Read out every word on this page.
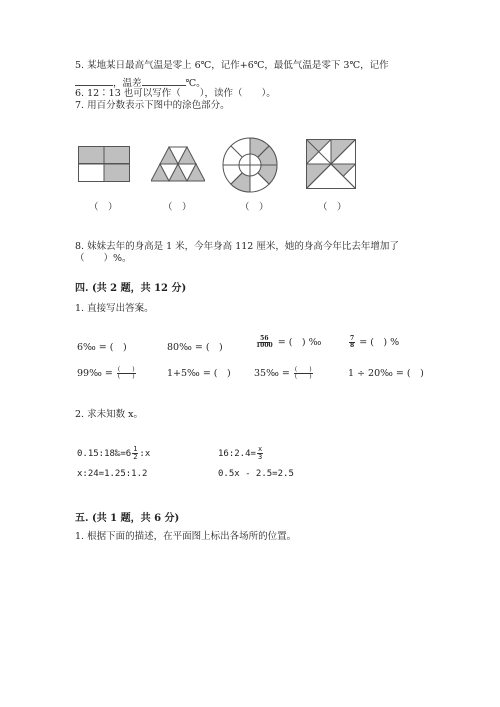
5. 某地某日最高气温是零上 6℃，记作+6℃，最低气温是零下 3℃，记作
，温差	℃。
6. 12∶13 也可以写作（　　），读作（　　）。
7. 用百分数表示下图中的涂色部分。
（　）	（　）	（　）	（　）
8. 妹妹去年的身高是 1 米，今年身高 112 厘米，她的身高今年比去年增加了
（　　）%。
四. (共 2 题，共 12 分)
1. 直接写出答案。
6‰ = (　)	80‰ = (　)	$\frac{56}{1000}$ = (　) ‰	$\frac{7}{8}$ = (　) %
99‰ = $\frac{( )}{( )}$	1+5‰ = (　) 35‰ = $\frac{( )}{( )}$	1 ÷ 20‰ = (　)
2. 求未知数 x。
0.15:18‰=6 $\frac{1}{2}$ :x	16:2.4= $\frac{x}{3}$
x:24=1.25:1.2	0.5x - 2.5=2.5
五. (共 1 题，共 6 分)
1. 根据下面的描述，在平面图上标出各场所的位置。
